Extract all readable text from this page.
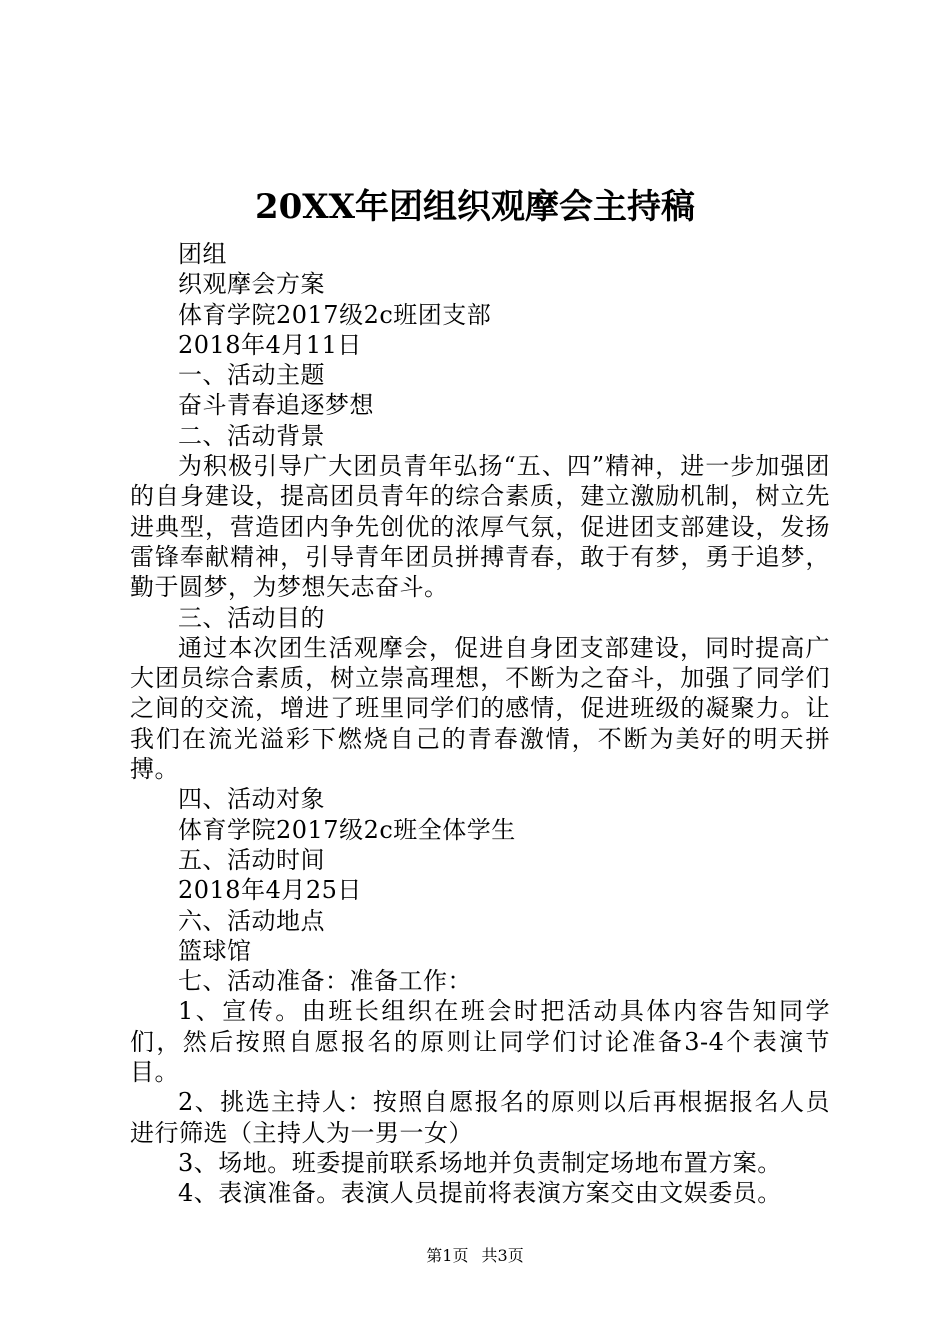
20XX年团组织观摩会主持稿

团组

织观摩会方案

体育学院2017级2c班团支部

2018年4月11日

一、活动主题

奋斗青春追逐梦想

二、活动背景

为积极引导广大团员青年弘扬“五、四”精神，进一步加强团的自身建设，提高团员青年的综合素质，建立激励机制，树立先进典型，营造团内争先创优的浓厚气氛，促进团支部建设，发扬雷锋奉献精神，引导青年团员拼搏青春，敢于有梦，勇于追梦，勤于圆梦，为梦想矢志奋斗。

三、活动目的

通过本次团生活观摩会，促进自身团支部建设，同时提高广大团员综合素质，树立崇高理想，不断为之奋斗，加强了同学们之间的交流，增进了班里同学们的感情，促进班级的凝聚力。让我们在流光溢彩下燃烧自己的青春激情，不断为美好的明天拼搏。

四、活动对象

体育学院2017级2c班全体学生

五、活动时间

2018年4月25日

六、活动地点

篮球馆

七、活动准备：准备工作：

1、宣传。由班长组织在班会时把活动具体内容告知同学们，然后按照自愿报名的原则让同学们讨论准备3-4个表演节目。

2、挑选主持人：按照自愿报名的原则以后再根据报名人员进行筛选（主持人为一男一女）

3、场地。班委提前联系场地并负责制定场地布置方案。

4、表演准备。表演人员提前将表演方案交由文娱委员。

第1页 共3页
